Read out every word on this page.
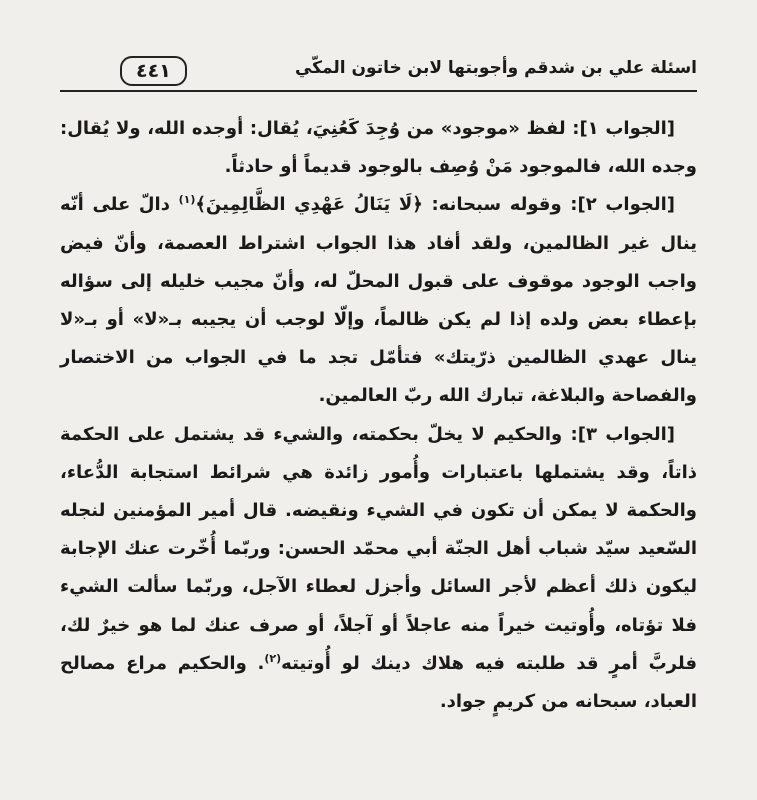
اسئلة علي بن شدقم وأجوبتها لابن خاتون المكّي
٤٤١

[الجواب ١]: لفظ «موجود» من وُجِدَ كَعُنِيَ، يُقال: أوجده الله، ولا يُقال: وجده الله، فالموجود مَنْ وُصِف بالوجود قديماً أو حادثاً.

[الجواب ٢]: وقوله سبحانه: ﴿لَا يَنَالُ عَهْدِي الظَّالِمِينَ﴾$^{(١)}$ دالّ على أنّه ينال غير الظالمين، ولقد أفاد هذا الجواب اشتراط العصمة، وأنّ فيض واجب الوجود موقوف على قبول المحلّ له، وأنّ مجيب خليله إلى سؤاله بإعطاء بعض ولده إذا لم يكن ظالماً، وإلّا لوجب أن يجيبه بـ«لا» أو بـ«لا ينال عهدي الظالمين ذرّيتك» فتأمّل تجد ما في الجواب من الاختصار والفصاحة والبلاغة، تبارك الله ربّ العالمين.

[الجواب ٣]: والحكيم لا يخلّ بحكمته، والشيء قد يشتمل على الحكمة ذاتاً، وقد يشتملها باعتبارات وأُمور زائدة هي شرائط استجابة الدُّعاء، والحكمة لا يمكن أن تكون في الشيء ونقيضه. قال أمير المؤمنين لنجله السّعيد سيّد شباب أهل الجنّة أبي محمّد الحسن: وربّما أُخّرت عنك الإجابة ليكون ذلك أعظم لأجر السائل وأجزل لعطاء الآجل، وربّما سألت الشيء فلا تؤتاه، وأُوتيت خيراً منه عاجلاً أو آجلاً، أو صرف عنك لما هو خيرٌ لك، فلربَّ أمرٍ قد طلبته فيه هلاك دينك لو أُوتيته$^{(٢)}$. والحكيم مراع مصالح العباد، سبحانه من كريمٍ جواد.
